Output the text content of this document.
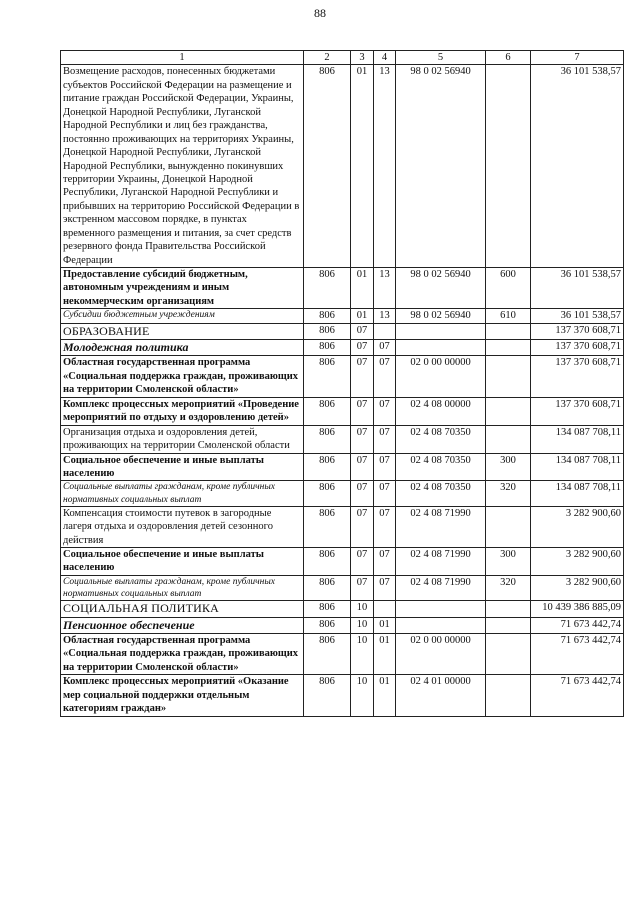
88
1	2	3	4	5	6	7
Возмещение расходов, понесенных бюджетами субъектов Российской Федерации на размещение и питание граждан Российской Федерации, Украины, Донецкой Народной Республики, Луганской Народной Республики и лиц без гражданства, постоянно проживающих на территориях Украины, Донецкой Народной Республики, Луганской Народной Республики, вынужденно покинувших территории Украины, Донецкой Народной Республики, Луганской Народной Республики и прибывших на территорию Российской Федерации в экстренном массовом порядке, в пунктах временного размещения и питания, за счет средств резервного фонда Правительства Российской Федерации	806	01	13	98 0 02 56940		36 101 538,57
Предоставление субсидий бюджетным, автономным учреждениям и иным некоммерческим организациям	806	01	13	98 0 02 56940	600	36 101 538,57
Субсидии бюджетным учреждениям	806	01	13	98 0 02 56940	610	36 101 538,57
ОБРАЗОВАНИЕ	806	07				137 370 608,71
Молодежная политика	806	07	07			137 370 608,71
Областная государственная программа «Социальная поддержка граждан, проживающих на территории Смоленской области»	806	07	07	02 0 00 00000		137 370 608,71
Комплекс процессных мероприятий «Проведение мероприятий по отдыху и оздоровлению детей»	806	07	07	02 4 08 00000		137 370 608,71
Организация отдыха и оздоровления детей, проживающих на территории Смоленской области	806	07	07	02 4 08 70350		134 087 708,11
Социальное обеспечение и иные выплаты населению	806	07	07	02 4 08 70350	300	134 087 708,11
Социальные выплаты гражданам, кроме публичных нормативных социальных выплат	806	07	07	02 4 08 70350	320	134 087 708,11
Компенсация стоимости путевок в загородные лагеря отдыха и оздоровления детей сезонного действия	806	07	07	02 4 08 71990		3 282 900,60
Социальное обеспечение и иные выплаты населению	806	07	07	02 4 08 71990	300	3 282 900,60
Социальные выплаты гражданам, кроме публичных нормативных социальных выплат	806	07	07	02 4 08 71990	320	3 282 900,60
СОЦИАЛЬНАЯ ПОЛИТИКА	806	10				10 439 386 885,09
Пенсионное обеспечение	806	10	01			71 673 442,74
Областная государственная программа «Социальная поддержка граждан, проживающих на территории Смоленской области»	806	10	01	02 0 00 00000		71 673 442,74
Комплекс процессных мероприятий «Оказание мер социальной поддержки отдельным категориям граждан»	806	10	01	02 4 01 00000		71 673 442,74
